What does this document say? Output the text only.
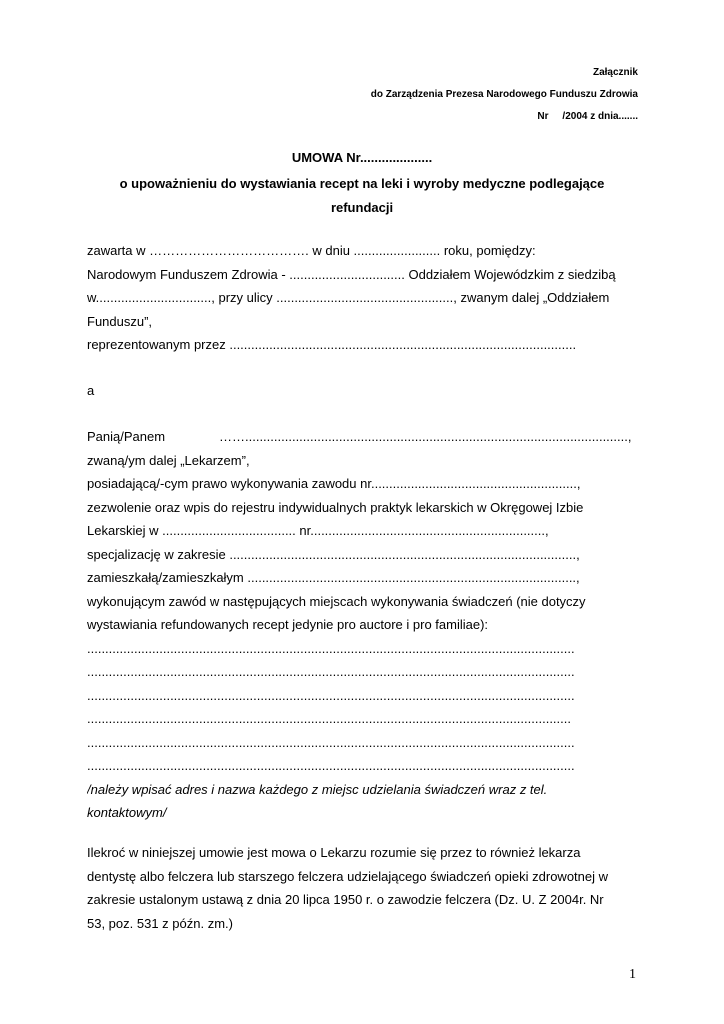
Załącznik
do Zarządzenia Prezesa Narodowego Funduszu Zdrowia
Nr     /2004 z dnia.......
UMOWA Nr....................
o upoważnieniu do wystawiania recept na leki i wyroby medyczne podlegające
refundacji
zawarta w ………………………………. w dniu ........................ roku, pomiędzy:
Narodowym Funduszem Zdrowia - ................................ Oddziałem Wojewódzkim z siedzibą
w................................, przy ulicy ................................................., zwanym dalej „Oddziałem
Funduszu”,
reprezentowanym przez ................................................................................................
a
Panią/Panem	……..........................................................................................................,
zwaną/ym dalej „Lekarzem”,
posiadającą/-cym prawo wykonywania zawodu nr.........................................................,
zezwolenie oraz wpis do rejestru indywidualnych praktyk lekarskich w Okręgowej Izbie
Lekarskiej w ..................................... nr.................................................................,
specjalizację w zakresie ................................................................................................,
zamieszkałą/zamieszkałym ...........................................................................................,
wykonującym zawód w następujących miejscach wykonywania świadczeń (nie dotyczy
wystawiania refundowanych recept jedynie pro auctore i pro familiae):
.......................................................................................................................................
.......................................................................................................................................
.......................................................................................................................................
......................................................................................................................................
.......................................................................................................................................
.......................................................................................................................................
/należy wpisać adres i nazwa każdego z miejsc udzielania świadczeń wraz z tel.
kontaktowym/
Ilekroć w niniejszej umowie jest mowa o Lekarzu rozumie się przez to również lekarza
dentystę albo felczera lub starszego felczera udzielającego świadczeń opieki zdrowotnej w
zakresie ustalonym ustawą z dnia 20 lipca 1950 r. o zawodzie felczera (Dz. U. Z 2004r. Nr
53, poz. 531 z późn. zm.)
1
